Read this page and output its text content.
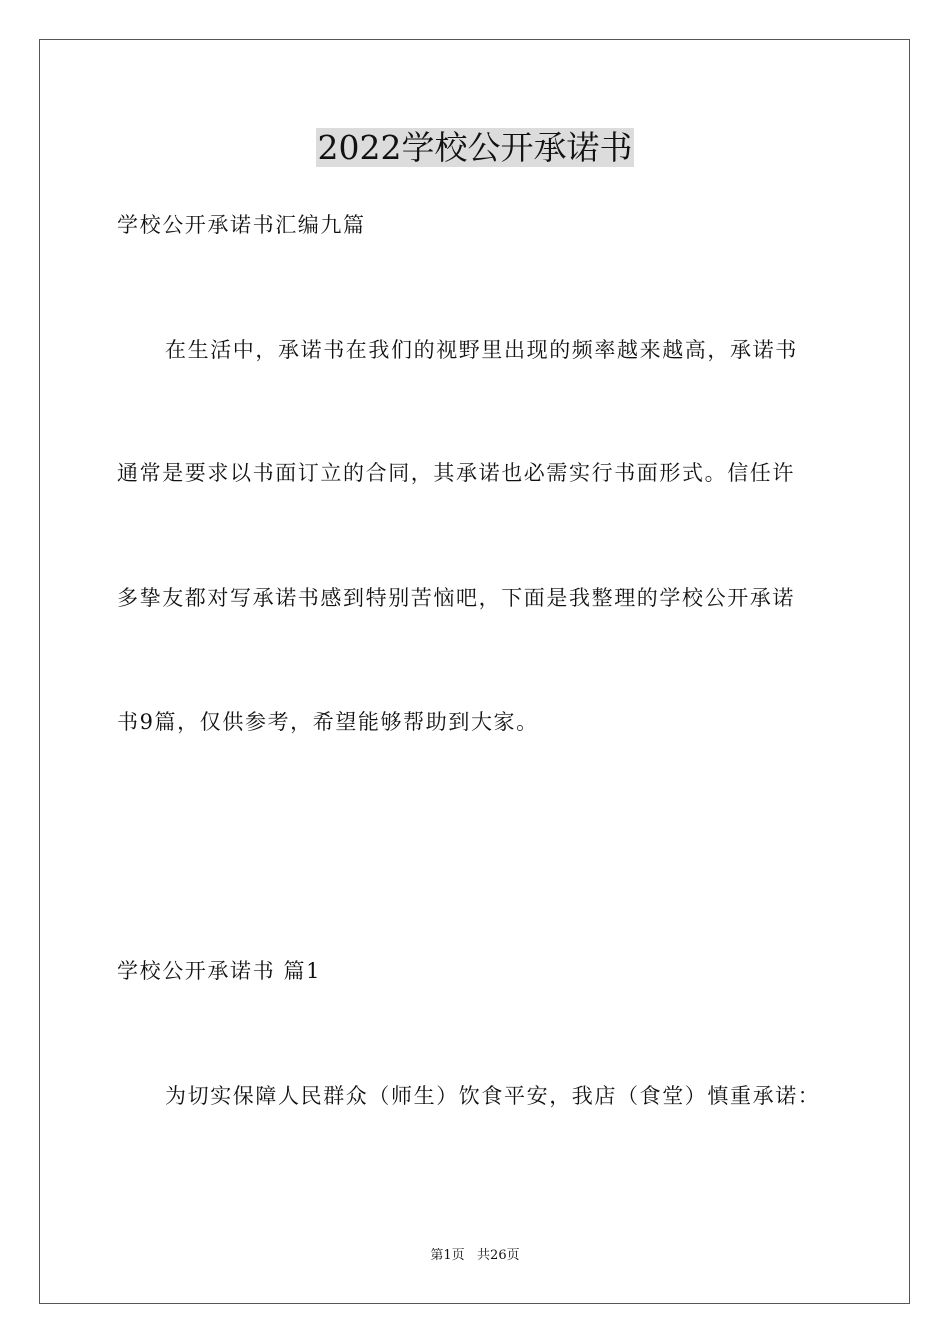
2022学校公开承诺书
学校公开承诺书汇编九篇
在生活中，承诺书在我们的视野里出现的频率越来越高，承诺书
通常是要求以书面订立的合同，其承诺也必需实行书面形式。信任许
多挚友都对写承诺书感到特别苦恼吧，下面是我整理的学校公开承诺
书9篇，仅供参考，希望能够帮助到大家。
学校公开承诺书 篇1
为切实保障人民群众（师生）饮食平安，我店（食堂）慎重承诺：
第1页   共26页
